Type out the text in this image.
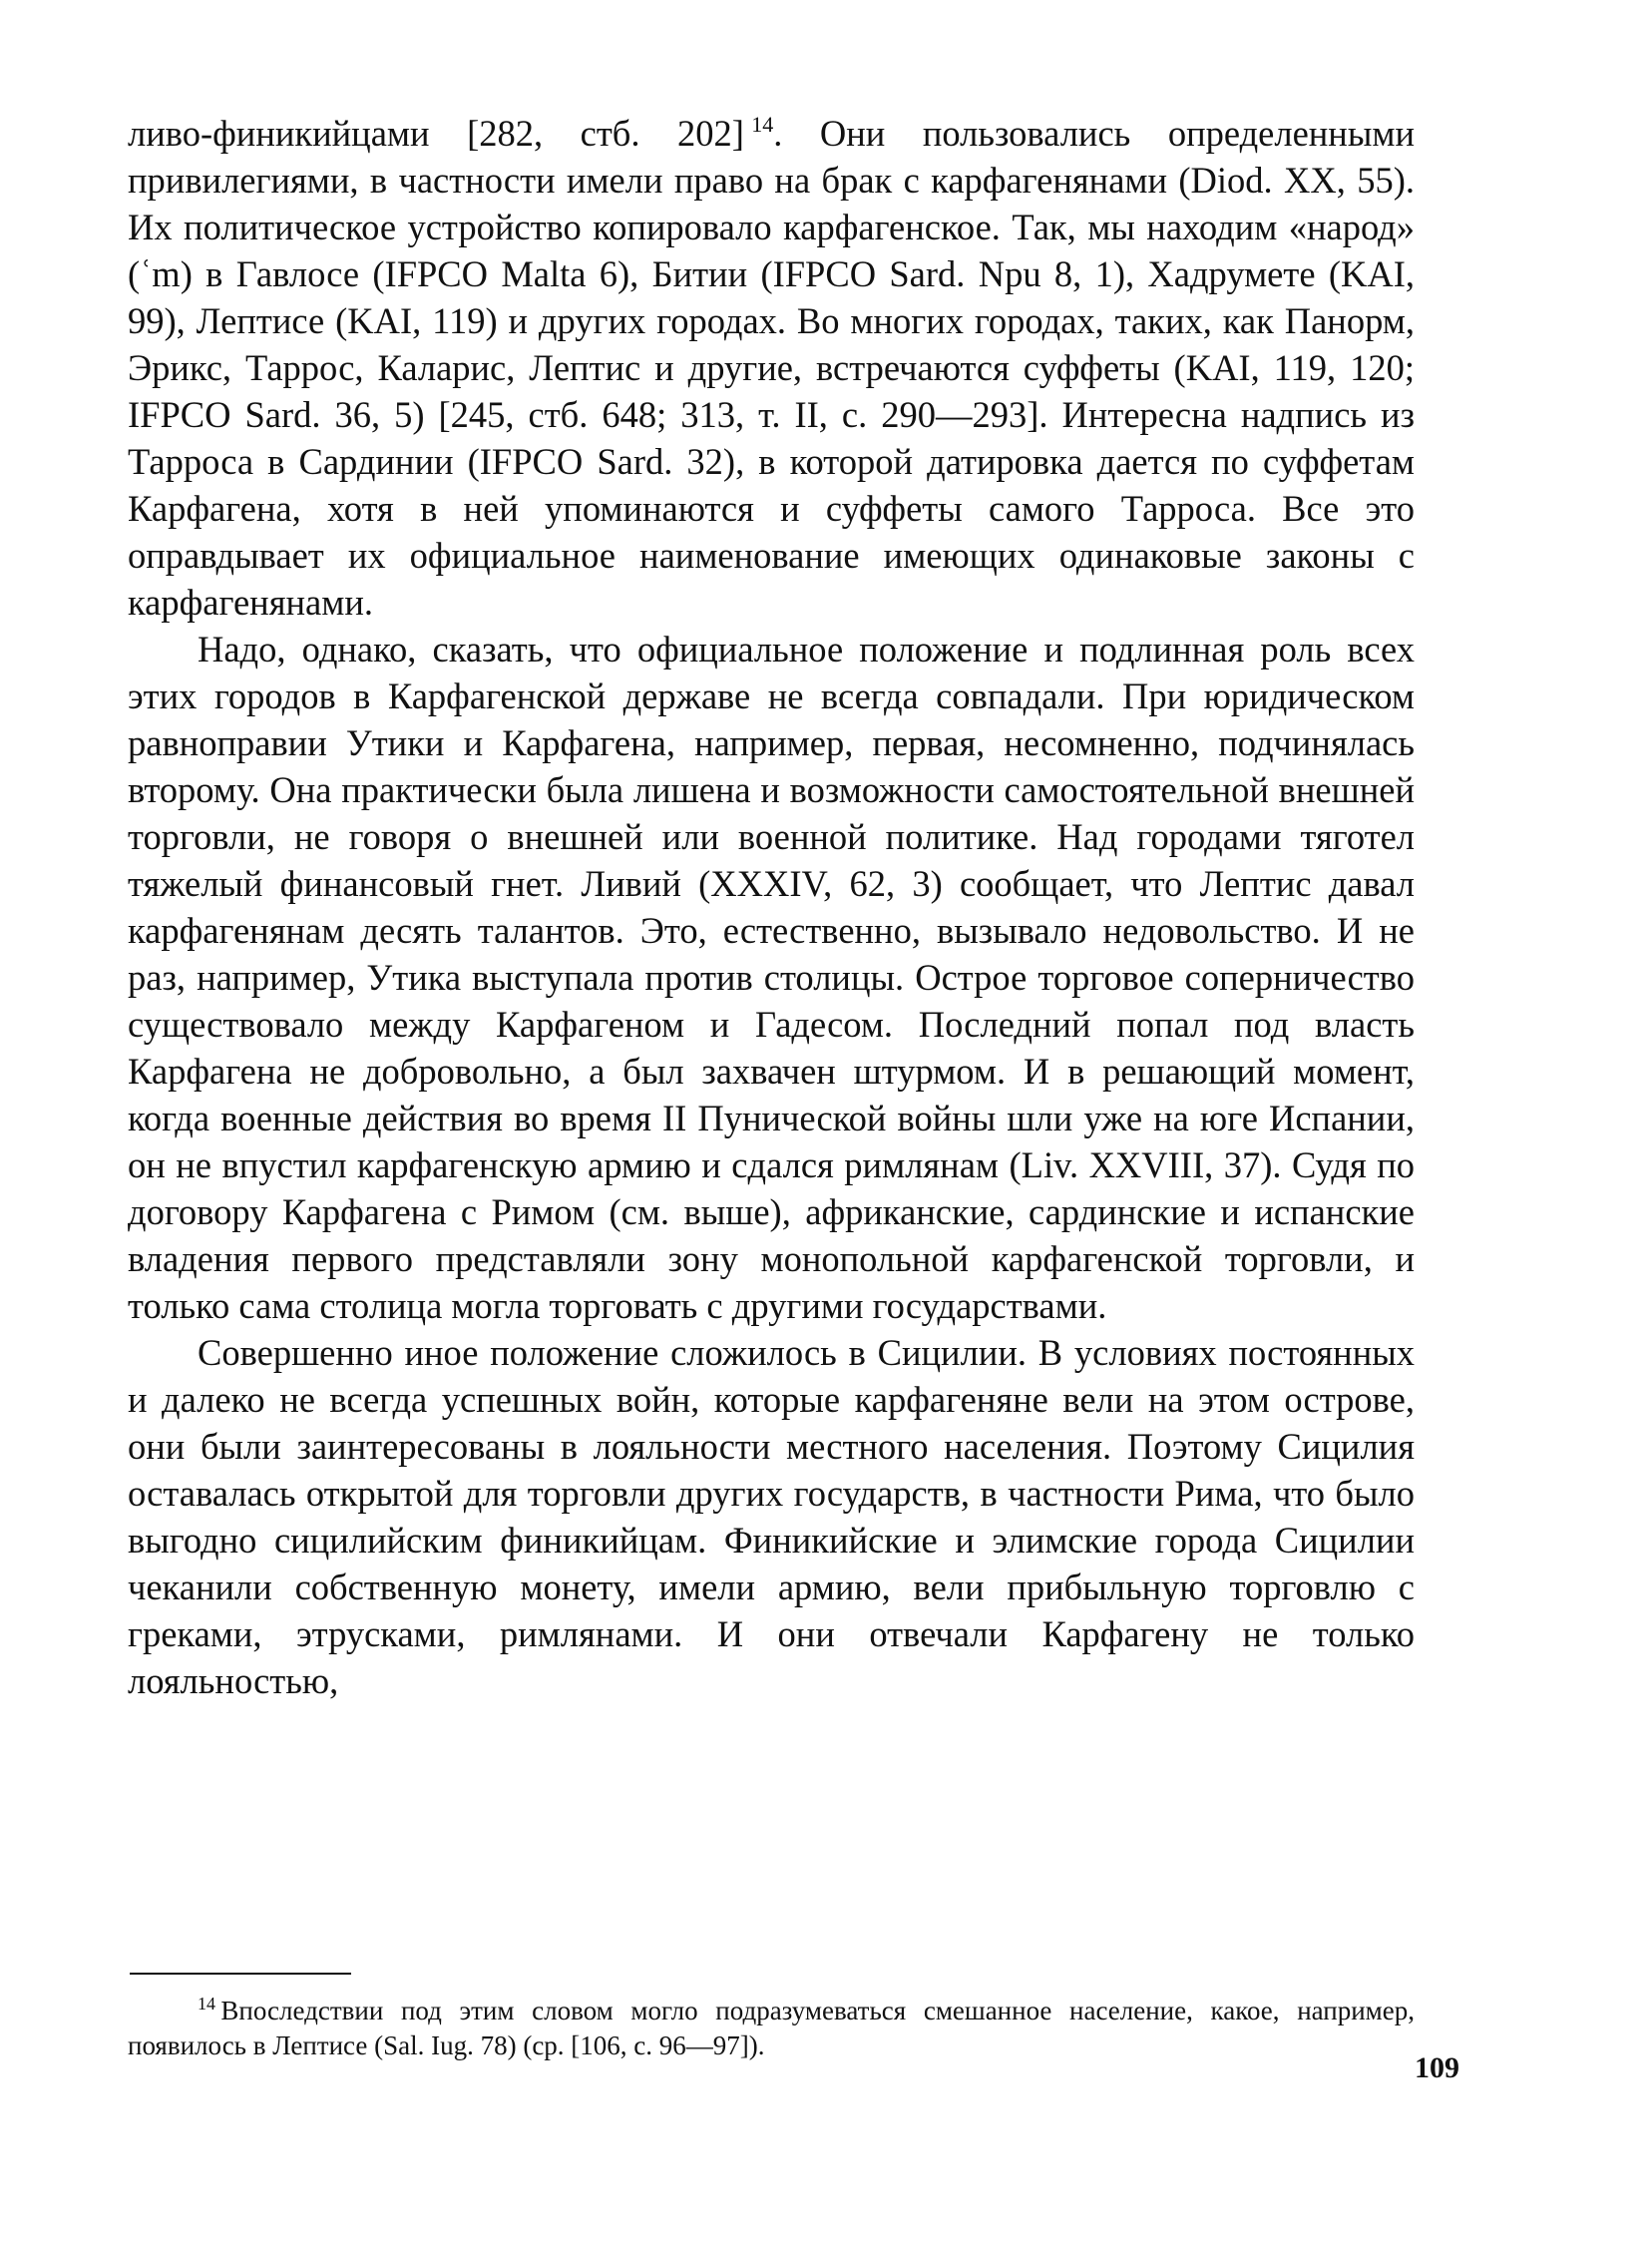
ливо-финикийцами [282, стб. 202]  $^{14}$. Они пользовались определенными привилегиями, в частности имели право на брак с карфагенянами (Diod. XX, 55). Их политическое устройство копировало карфагенское. Так, мы находим «народ» (ʿm) в Гавлосе (IFPCO Malta 6), Битии (IFPCO Sard. Npu 8, 1), Хадрумете (KAI, 99), Лептисе (KAI, 119) и других городах. Во многих городах, таких, как Панорм, Эрикс, Таррос, Каларис, Лептис и другие, встречаются суффеты (KAI, 119, 120; IFPCO Sard. 36, 5) [245, стб. 648; 313, т. II, с. 290—293]. Интересна надпись из Тарроса в Сардинии (IFPCO Sard. 32), в которой датировка дается по суффетам Карфагена, хотя в ней упоминаются и суффеты самого Тарроса. Все это оправдывает их официальное наименование имеющих одинаковые законы с карфагенянами.

Надо, однако, сказать, что официальное положение и подлинная роль всех этих городов в Карфагенской державе не всегда совпадали. При юридическом равноправии Утики и Карфагена, например, первая, несомненно, подчинялась второму. Она практически была лишена и возможности самостоятельной внешней торговли, не говоря о внешней или военной политике. Над городами тяготел тяжелый финансовый гнет. Ливий (XXXIV, 62, 3) сообщает, что Лептис давал карфагенянам десять талантов. Это, естественно, вызывало недовольство. И не раз, например, Утика выступала против столицы. Острое торговое соперничество существовало между Карфагеном и Гадесом. Последний попал под власть Карфагена не добровольно, а был захвачен штурмом. И в решающий момент, когда военные действия во время II Пунической войны шли уже на юге Испании, он не впустил карфагенскую армию и сдался римлянам (Liv. XXVIII, 37). Судя по договору Карфагена с Римом (см. выше), африканские, сардинские и испанские владения первого представляли зону монопольной карфагенской торговли, и только сама столица могла торговать с другими государствами.

Совершенно иное положение сложилось в Сицилии. В условиях постоянных и далеко не всегда успешных войн, которые карфагеняне вели на этом острове, они были заинтересованы в лояльности местного населения. Поэтому Сицилия оставалась открытой для торговли других государств, в частности Рима, что было выгодно сицилийским финикийцам. Финикийские и элимские города Сицилии чеканили собственную монету, имели армию, вели прибыльную торговлю с греками, этрусками, римлянами. И они отвечали Карфагену не только лояльностью,

$^{14}$  Впоследствии под этим словом могло подразумеваться смешанное население, какое, например, появилось в Лептисе (Sal. Iug. 78) (ср. [106, с. 96—97]).

109
